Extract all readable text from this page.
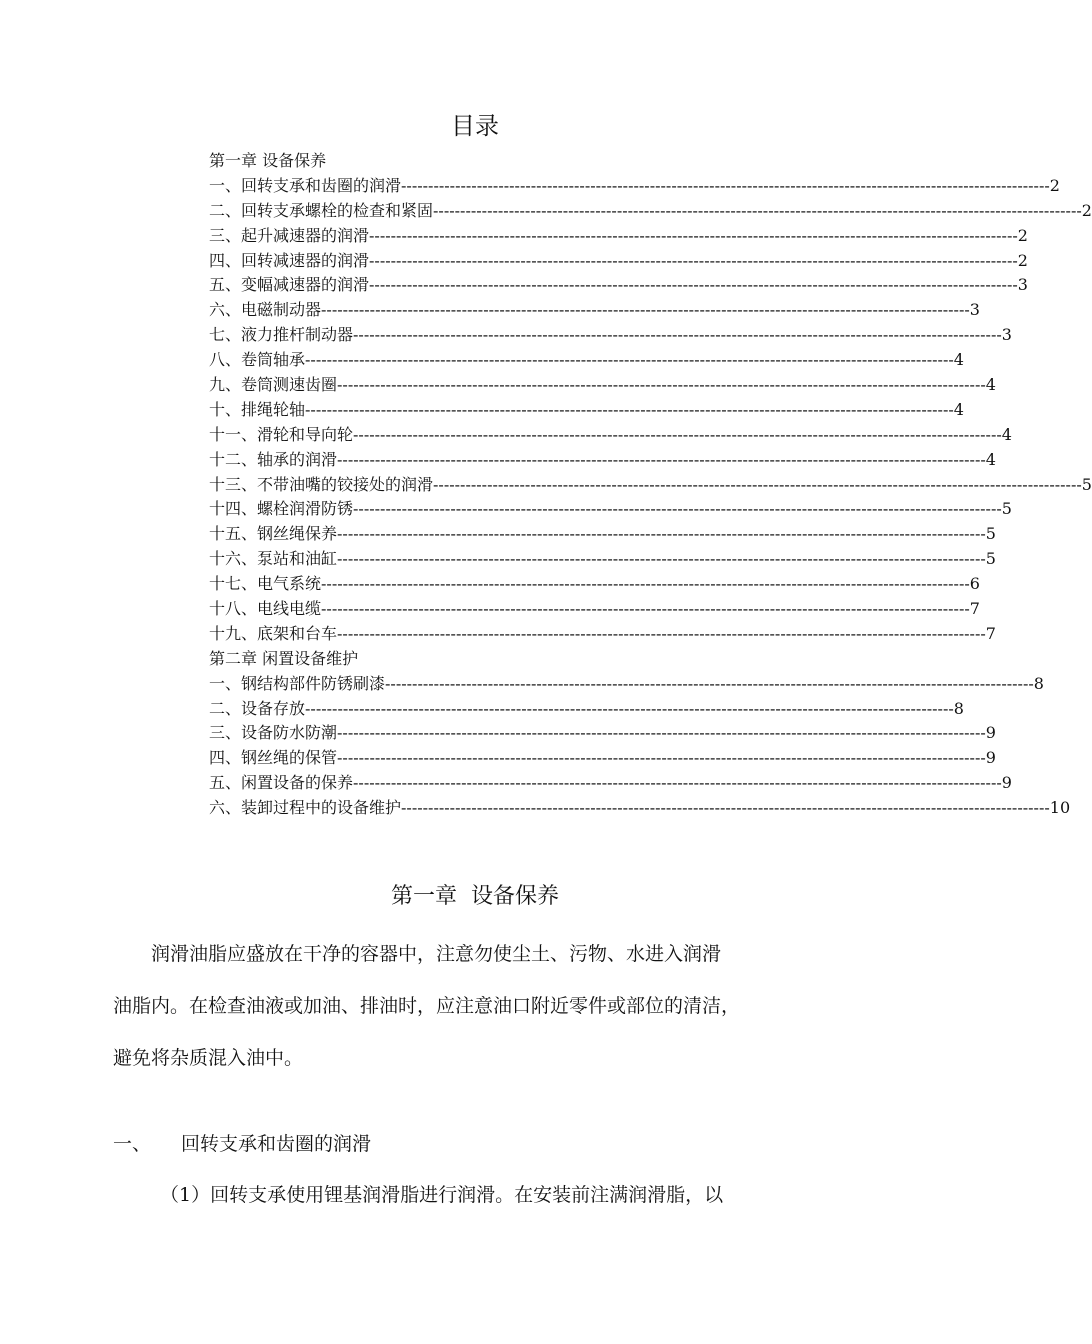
目录
第一章 设备保养
一、回转支承和齿圈的润滑 ------------------------------------------------------------------------------------------------------------------------ 2
二、回转支承螺栓的检查和紧固 ------------------------------------------------------------------------------------------------------------------------ 2
三、起升减速器的润滑 ------------------------------------------------------------------------------------------------------------------------ 2
四、回转减速器的润滑 ------------------------------------------------------------------------------------------------------------------------ 2
五、变幅减速器的润滑 ------------------------------------------------------------------------------------------------------------------------ 3
六、电磁制动器 ------------------------------------------------------------------------------------------------------------------------ 3
七、液力推杆制动器 ------------------------------------------------------------------------------------------------------------------------ 3
八、卷筒轴承 ------------------------------------------------------------------------------------------------------------------------ 4
九、卷筒测速齿圈 ------------------------------------------------------------------------------------------------------------------------ 4
十、排绳轮轴 ------------------------------------------------------------------------------------------------------------------------ 4
十一、滑轮和导向轮 ------------------------------------------------------------------------------------------------------------------------ 4
十二、轴承的润滑 ------------------------------------------------------------------------------------------------------------------------ 4
十三、不带油嘴的铰接处的润滑 ------------------------------------------------------------------------------------------------------------------------ 5
十四、螺栓润滑防锈 ------------------------------------------------------------------------------------------------------------------------ 5
十五、钢丝绳保养 ------------------------------------------------------------------------------------------------------------------------ 5
十六、泵站和油缸 ------------------------------------------------------------------------------------------------------------------------ 5
十七、电气系统 ------------------------------------------------------------------------------------------------------------------------ 6
十八、电线电缆 ------------------------------------------------------------------------------------------------------------------------ 7
十九、底架和台车 ------------------------------------------------------------------------------------------------------------------------ 7
第二章 闲置设备维护
一、钢结构部件防锈刷漆 ------------------------------------------------------------------------------------------------------------------------ 8
二、设备存放 ------------------------------------------------------------------------------------------------------------------------ 8
三、设备防水防潮 ------------------------------------------------------------------------------------------------------------------------ 9
四、钢丝绳的保管 ------------------------------------------------------------------------------------------------------------------------ 9
五、闲置设备的保养 ------------------------------------------------------------------------------------------------------------------------ 9
六、装卸过程中的设备维护 ------------------------------------------------------------------------------------------------------------------------ 10
第一章  设备保养
润滑油脂应盛放在干净的容器中，注意勿使尘土、污物、水进入润滑
油脂内。在检查油液或加油、排油时，应注意油口附近零件或部位的清洁，
避免将杂质混入油中。
一、	回转支承和齿圈的润滑
（1）回转支承使用锂基润滑脂进行润滑。在安装前注满润滑脂，以
